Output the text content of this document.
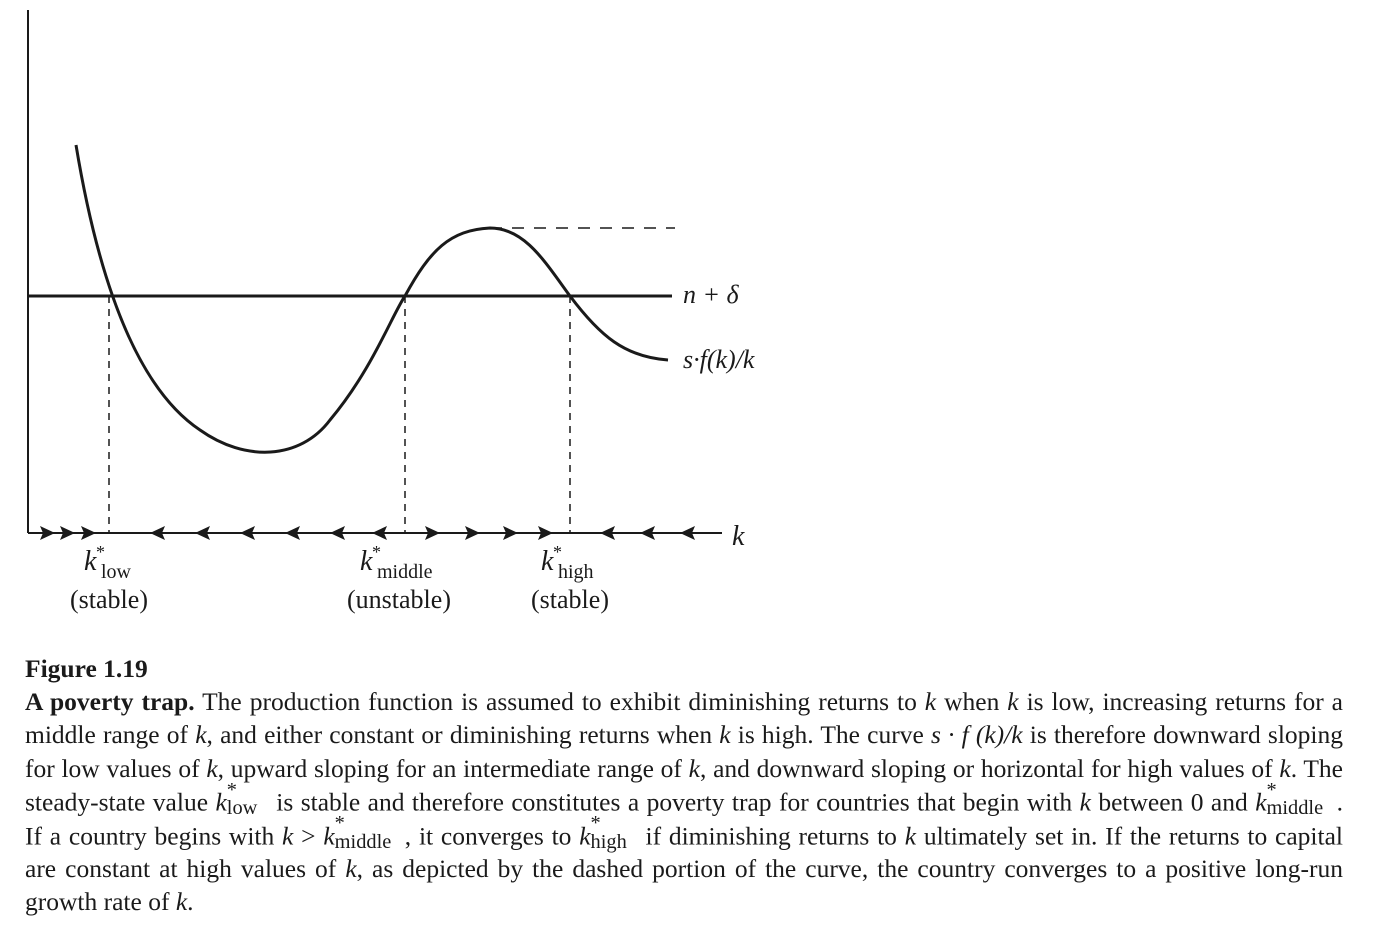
n + δ
s·f(k)/k
k
k *
low
(stable)
k *
middle
(unstable)
k *
high
(stable)
Figure 1.19

A poverty trap. The production function is assumed to exhibit diminishing returns to k when k is low, increasing returns for a middle range of k, and either constant or diminishing returns when k is high. The curve s · f (k)/k is therefore downward sloping for low values of k, upward sloping for an intermediate range of k, and downward sloping or horizontal for high values of k. The steady-state value k *
low is stable and therefore constitutes a poverty trap for countries that begin with k between 0 and k *
middle . If a country begins with k > k *
middle , it converges to k *
high if diminishing returns to k ultimately set in. If the returns to capital are constant at high values of k, as depicted by the dashed portion of the curve, the country converges to a positive long-run growth rate of k.
